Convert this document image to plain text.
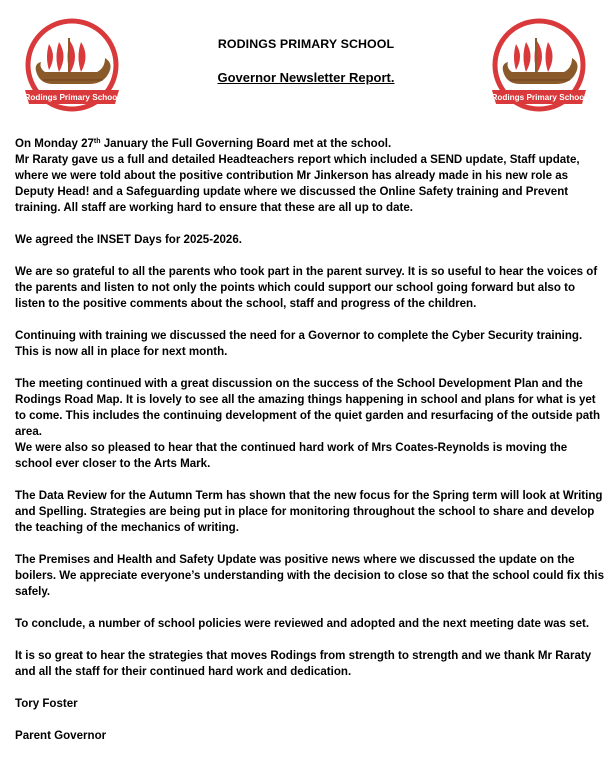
Rodings Primary School	Rodings Primary School
RODINGS PRIMARY SCHOOL
Governor Newsletter Report.

On Monday 27th January the Full Governing Board met at the school.

Mr Raraty gave us a full and detailed Headteachers report which included a SEND update, Staff update, where we were told about the positive contribution Mr Jinkerson has already made in his new role as Deputy Head! and a Safeguarding update where we discussed the Online Safety training and Prevent training. All staff are working hard to ensure that these are all up to date.

We agreed the INSET Days for 2025-2026.

We are so grateful to all the parents who took part in the parent survey. It is so useful to hear the voices of the parents and listen to not only the points which could support our school going forward but also to listen to the positive comments about the school, staff and progress of the children.

Continuing with training we discussed the need for a Governor to complete the Cyber Security training. This is now all in place for next month.

The meeting continued with a great discussion on the success of the School Development Plan and the Rodings Road Map. It is lovely to see all the amazing things happening in school and plans for what is yet to come. This includes the continuing development of the quiet garden and resurfacing of the outside path area.

We were also so pleased to hear that the continued hard work of Mrs Coates-Reynolds is moving the school ever closer to the Arts Mark.

The Data Review for the Autumn Term has shown that the new focus for the Spring term will look at Writing and Spelling. Strategies are being put in place for monitoring throughout the school to share and develop the teaching of the mechanics of writing.

The Premises and Health and Safety Update was positive news where we discussed the update on the boilers. We appreciate everyone’s understanding with the decision to close so that the school could fix this safely.

To conclude, a number of school policies were reviewed and adopted and the next meeting date was set.

It is so great to hear the strategies that moves Rodings from strength to strength and we thank Mr Raraty and all the staff for their continued hard work and dedication.

Tory Foster

Parent Governor
